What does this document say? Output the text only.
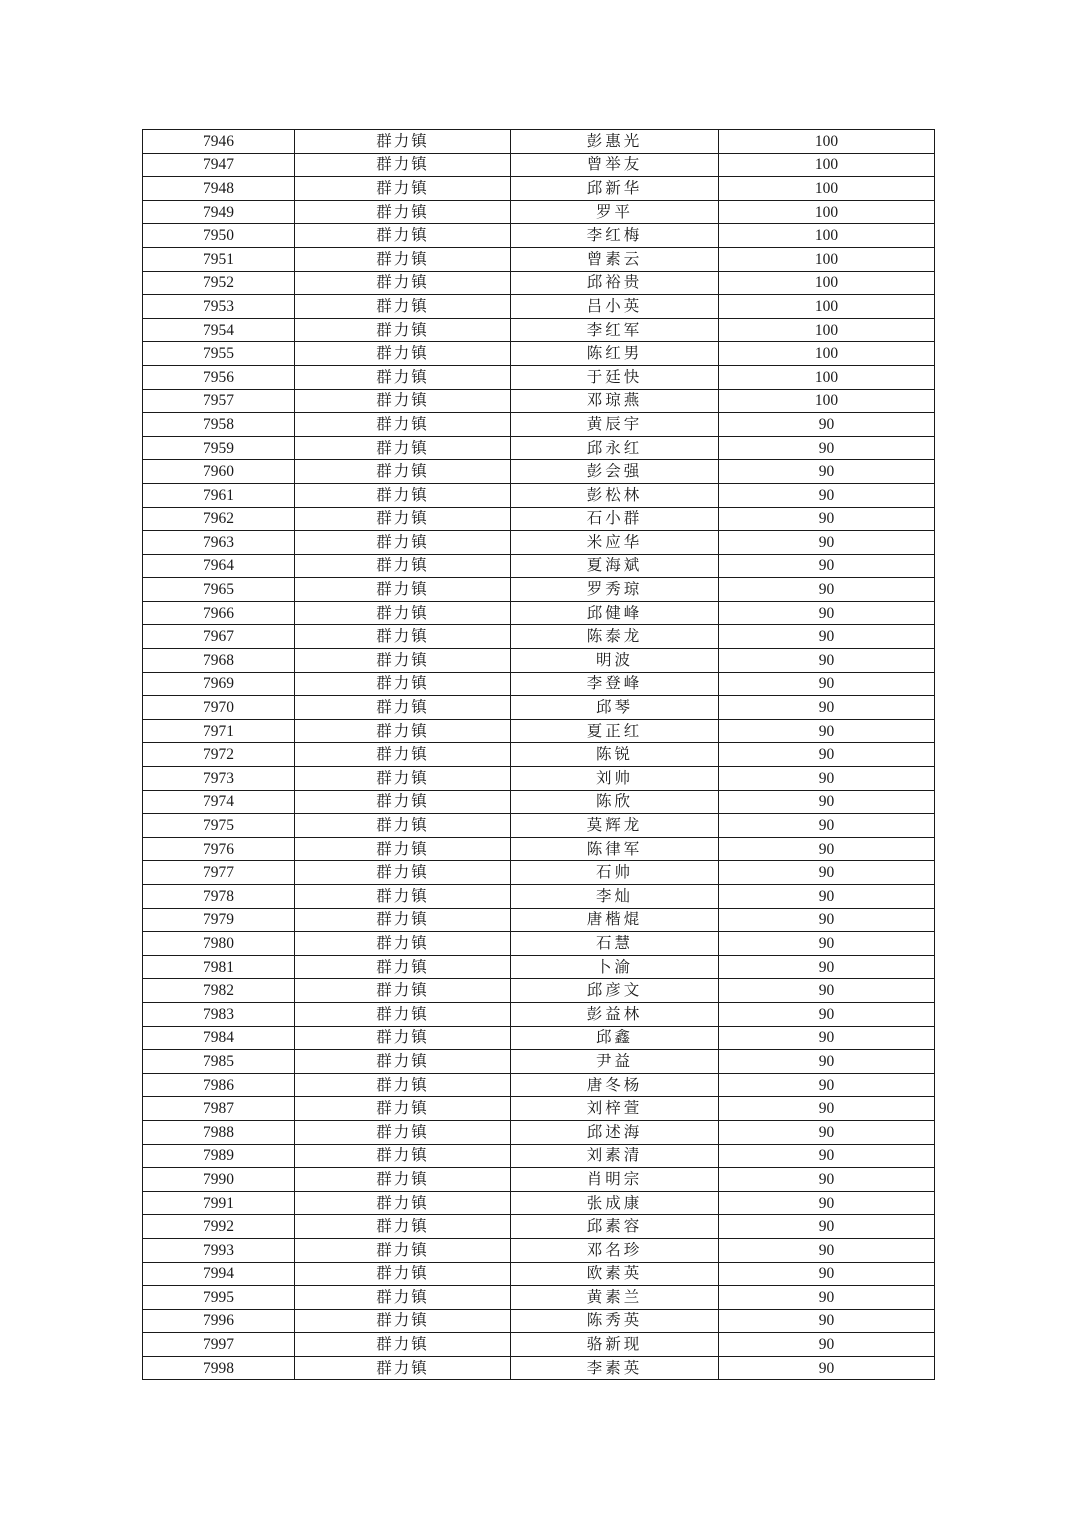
7946	群力镇	彭惠光	100
7947	群力镇	曾举友	100
7948	群力镇	邱新华	100
7949	群力镇	罗平	100
7950	群力镇	李红梅	100
7951	群力镇	曾素云	100
7952	群力镇	邱裕贵	100
7953	群力镇	吕小英	100
7954	群力镇	李红军	100
7955	群力镇	陈红男	100
7956	群力镇	于廷快	100
7957	群力镇	邓琼燕	100
7958	群力镇	黄辰宇	90
7959	群力镇	邱永红	90
7960	群力镇	彭会强	90
7961	群力镇	彭松林	90
7962	群力镇	石小群	90
7963	群力镇	米应华	90
7964	群力镇	夏海斌	90
7965	群力镇	罗秀琼	90
7966	群力镇	邱健峰	90
7967	群力镇	陈泰龙	90
7968	群力镇	明波	90
7969	群力镇	李登峰	90
7970	群力镇	邱琴	90
7971	群力镇	夏正红	90
7972	群力镇	陈锐	90
7973	群力镇	刘帅	90
7974	群力镇	陈欣	90
7975	群力镇	莫辉龙	90
7976	群力镇	陈律军	90
7977	群力镇	石帅	90
7978	群力镇	李灿	90
7979	群力镇	唐楷焜	90
7980	群力镇	石慧	90
7981	群力镇	卜渝	90
7982	群力镇	邱彦文	90
7983	群力镇	彭益林	90
7984	群力镇	邱鑫	90
7985	群力镇	尹益	90
7986	群力镇	唐冬杨	90
7987	群力镇	刘梓萱	90
7988	群力镇	邱述海	90
7989	群力镇	刘素清	90
7990	群力镇	肖明宗	90
7991	群力镇	张成康	90
7992	群力镇	邱素容	90
7993	群力镇	邓名珍	90
7994	群力镇	欧素英	90
7995	群力镇	黄素兰	90
7996	群力镇	陈秀英	90
7997	群力镇	骆新现	90
7998	群力镇	李素英	90
